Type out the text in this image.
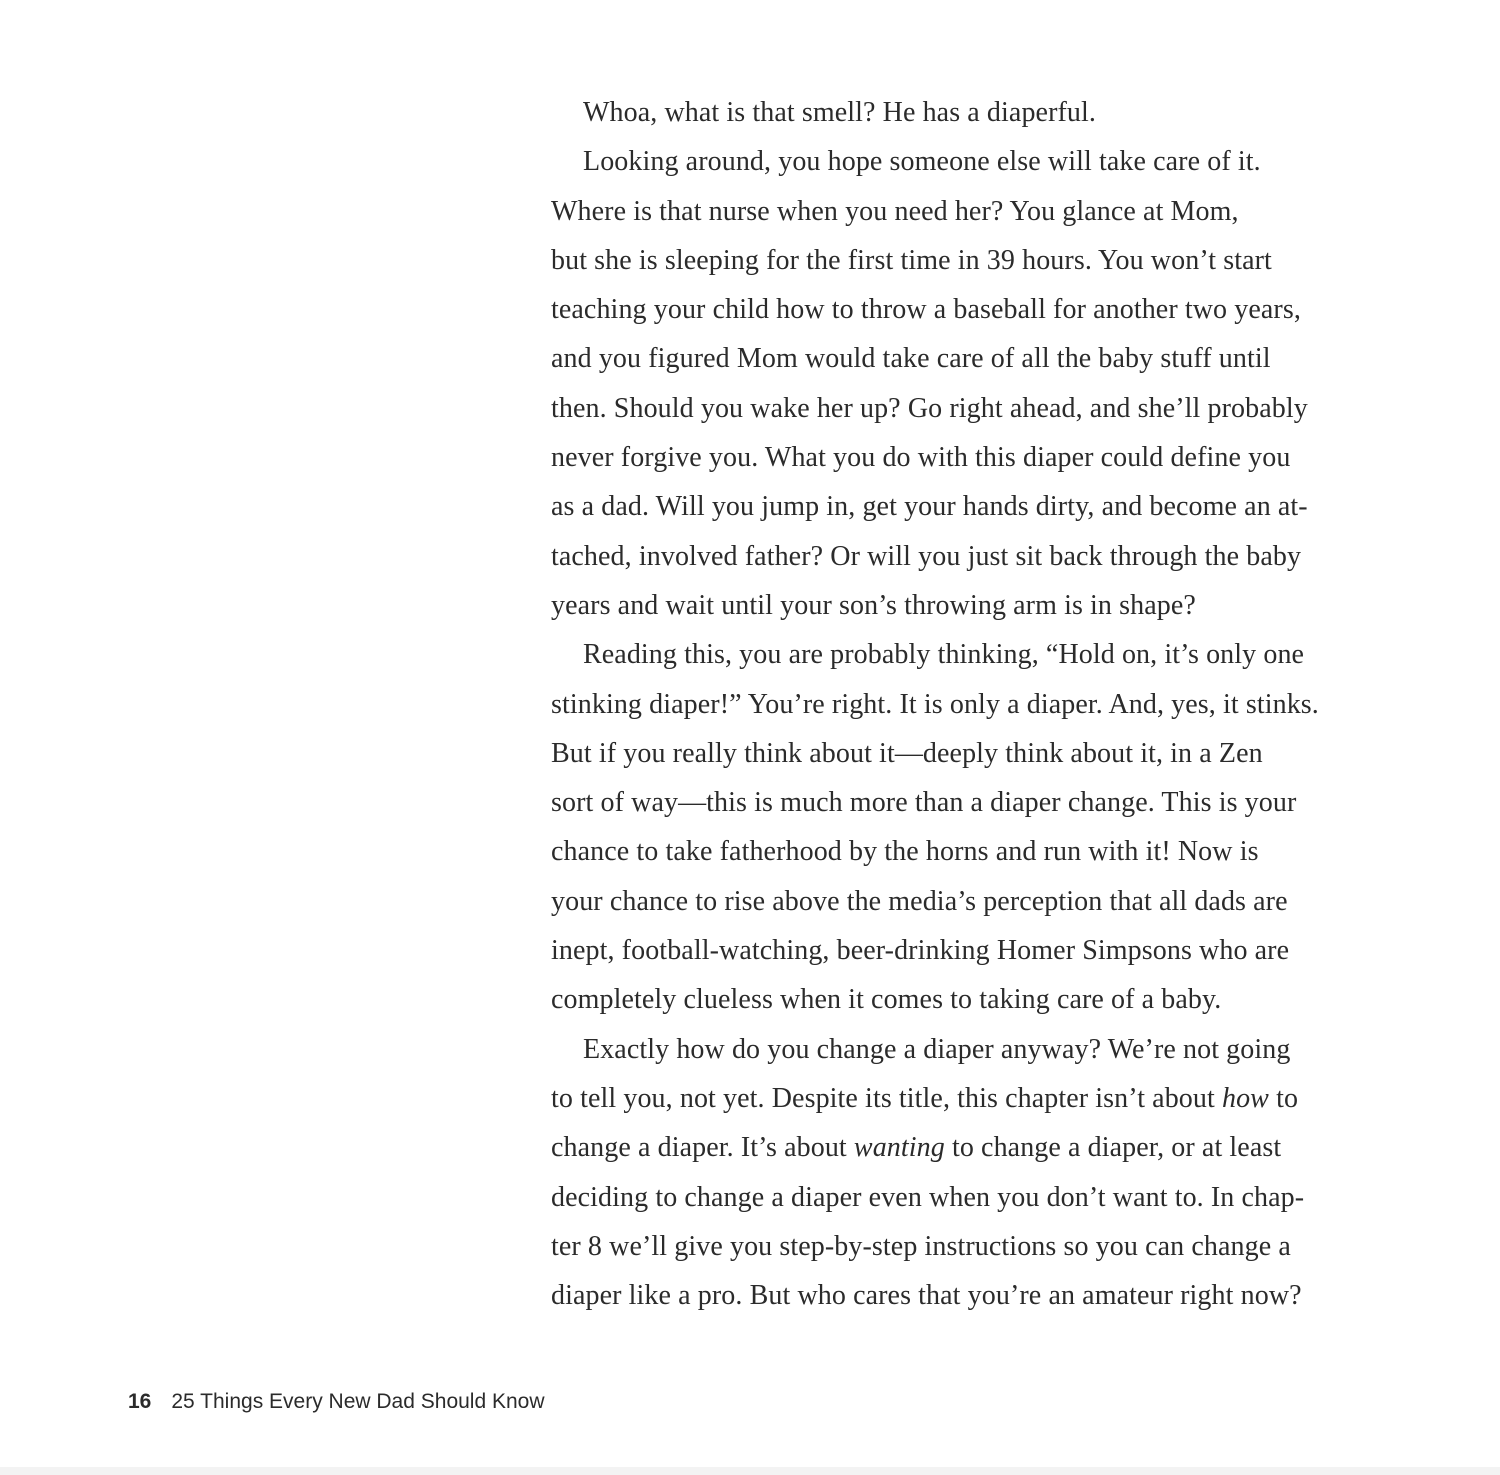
Whoa, what is that smell? He has a diaperful.
Looking around, you hope someone else will take care of it.
Where is that nurse when you need her? You glance at Mom,
but she is sleeping for the first time in 39 hours. You won’t start
teaching your child how to throw a baseball for another two years,
and you figured Mom would take care of all the baby stuff until
then. Should you wake her up? Go right ahead, and she’ll probably
never forgive you. What you do with this diaper could define you
as a dad. Will you jump in, get your hands dirty, and become an at-
tached, involved father? Or will you just sit back through the baby
years and wait until your son’s throwing arm is in shape?
Reading this, you are probably thinking, “Hold on, it’s only one
stinking diaper!” You’re right. It is only a diaper. And, yes, it stinks.
But if you really think about it—deeply think about it, in a Zen
sort of way—this is much more than a diaper change. This is your
chance to take fatherhood by the horns and run with it! Now is
your chance to rise above the media’s perception that all dads are
inept, football-watching, beer-drinking Homer Simpsons who are
completely clueless when it comes to taking care of a baby.
Exactly how do you change a diaper anyway? We’re not going
to tell you, not yet. Despite its title, this chapter isn’t about how to
change a diaper. It’s about wanting to change a diaper, or at least
deciding to change a diaper even when you don’t want to. In chap-
ter 8 we’ll give you step-by-step instructions so you can change a
diaper like a pro. But who cares that you’re an amateur right now?
16 25 Things Every New Dad Should Know
